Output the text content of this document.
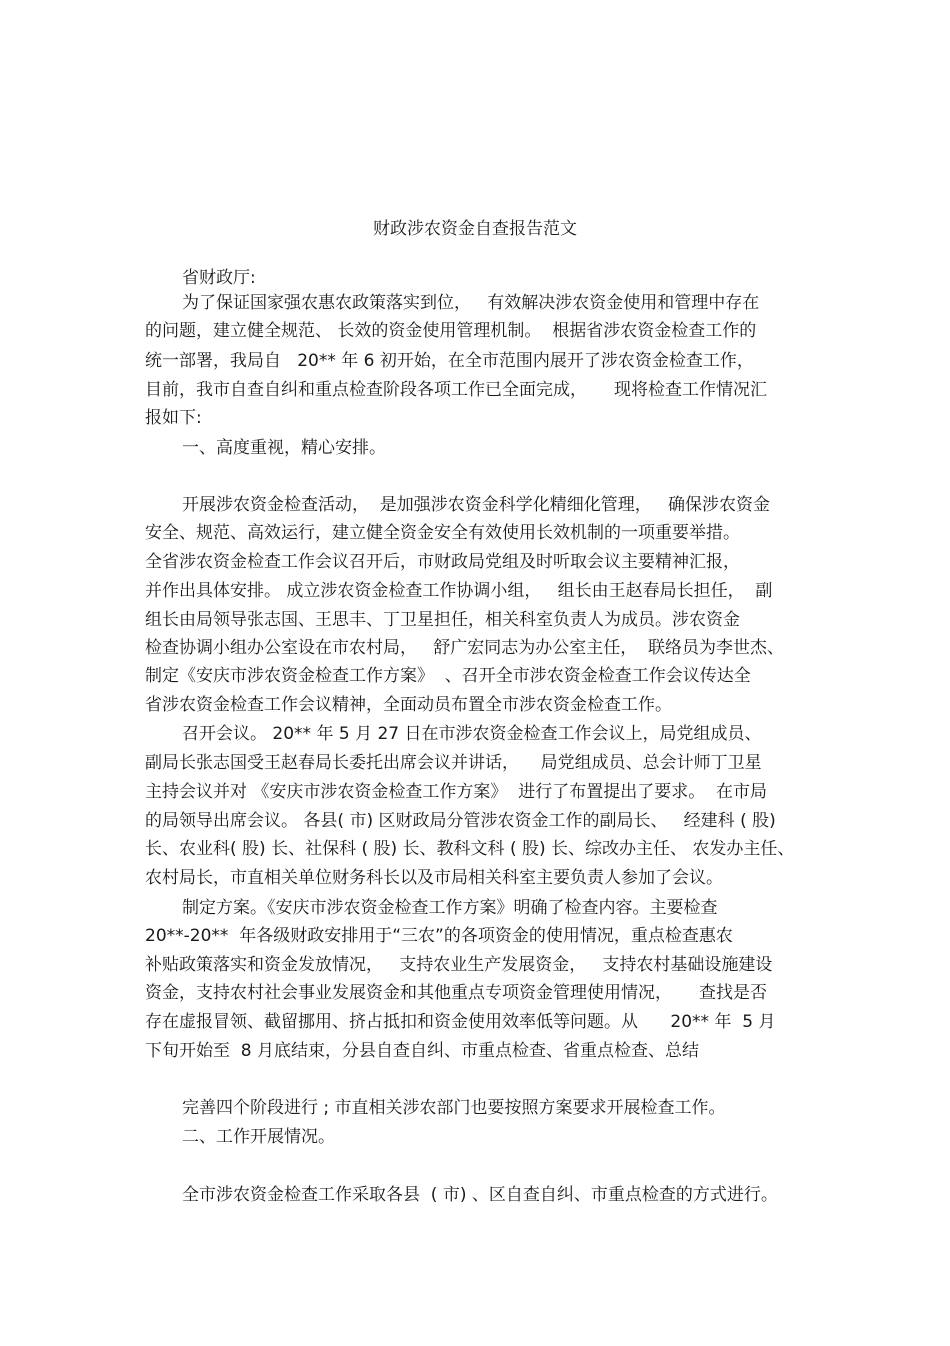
财政涉农资金自查报告范文
省财政厅:
为了保证国家强农惠农政策落实到位，   有效解决涉农资金使用和管理中存在
的问题，建立健全规范、 长效的资金使用管理机制。  根据省涉农资金检查工作的
统一部署，我局自   20** 年 6 初开始，在全市范围内展开了涉农资金检查工作，
目前，我市自查自纠和重点检查阶段各项工作已全面完成，     现将检查工作情况汇
报如下:
一、高度重视，精心安排。
开展涉农资金检查活动，  是加强涉农资金科学化精细化管理，   确保涉农资金
安全、规范、高效运行，建立健全资金安全有效使用长效机制的一项重要举措。
全省涉农资金检查工作会议召开后，市财政局党组及时听取会议主要精神汇报，
并作出具体安排。 成立涉农资金检查工作协调小组，   组长由王赵春局长担任，  副
组长由局领导张志国、王思丰、丁卫星担任，相关科室负责人为成员。涉农资金
检查协调小组办公室设在市农村局，   舒广宏同志为办公室主任，  联络员为李世杰、
制定《安庆市涉农资金检查工作方案》  、召开全市涉农资金检查工作会议传达全
省涉农资金检查工作会议精神，全面动员布置全市涉农资金检查工作。
召开会议。 20** 年 5 月 27 日在市涉农资金检查工作会议上，局党组成员、
副局长张志国受王赵春局长委托出席会议并讲话，    局党组成员、总会计师丁卫星
主持会议并对 《安庆市涉农资金检查工作方案》  进行了布置提出了要求。  在市局
的局领导出席会议。 各县( 市) 区财政局分管涉农资金工作的副局长、   经建科 ( 股)
长、农业科( 股) 长、社保科 ( 股) 长、教科文科 ( 股) 长、综改办主任、 农发办主任、
农村局长，市直相关单位财务科长以及市局相关科室主要负责人参加了会议。
制定方案。《安庆市涉农资金检查工作方案》明确了检查内容。主要检查
20**-20**  年各级财政安排用于“三农”的各项资金的使用情况，重点检查惠农
补贴政策落实和资金发放情况，   支持农业生产发展资金，   支持农村基础设施建设
资金，支持农村社会事业发展资金和其他重点专项资金管理使用情况，     查找是否
存在虚报冒领、截留挪用、挤占抵扣和资金使用效率低等问题。从      20** 年  5 月
下旬开始至  8 月底结束，分县自查自纠、市重点检查、省重点检查、总结
完善四个阶段进行 ; 市直相关涉农部门也要按照方案要求开展检查工作。
二、工作开展情况。
全市涉农资金检查工作采取各县  ( 市) 、区自查自纠、市重点检查的方式进行。
